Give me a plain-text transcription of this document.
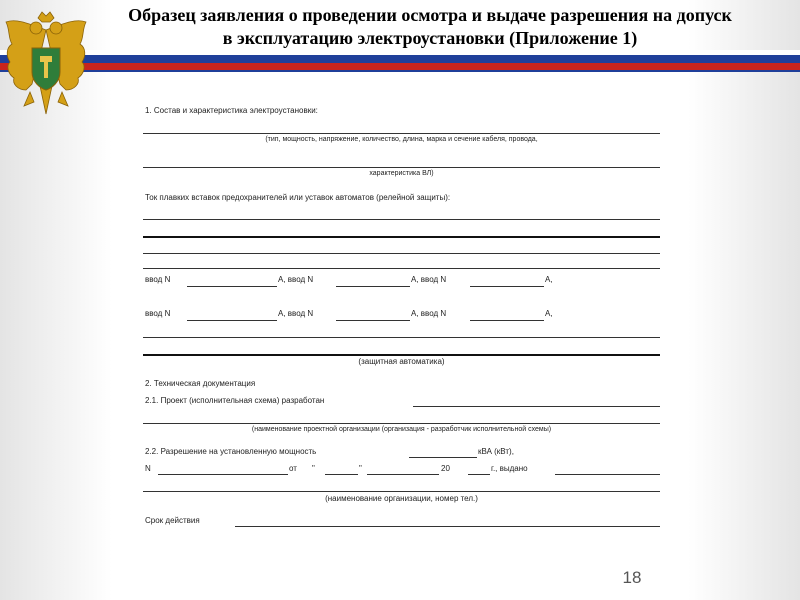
Образец заявления о проведении осмотра и выдаче разрешения на допуск
в эксплуатацию электроустановки (Приложение 1)
1. Состав и характеристика электроустановки:
(тип, мощность, напряжение, количество, длина, марка и сечение кабеля, провода,
характеристика ВЛ)
Ток плавких вставок предохранителей или уставок автоматов (релейной защиты):
ввод N	А, ввод N	А, ввод N	А,
ввод N	А, ввод N	А, ввод N	А,
(защитная автоматика)
2. Техническая документация
2.1. Проект (исполнительная схема) разработан
(наименование проектной организации (организация - разработчик исполнительной схемы)
2.2. Разрешение на установленную мощность	кВА (кВт),
N	от "	"	20	г., выдано
(наименование организации, номер тел.)
Срок действия
18
